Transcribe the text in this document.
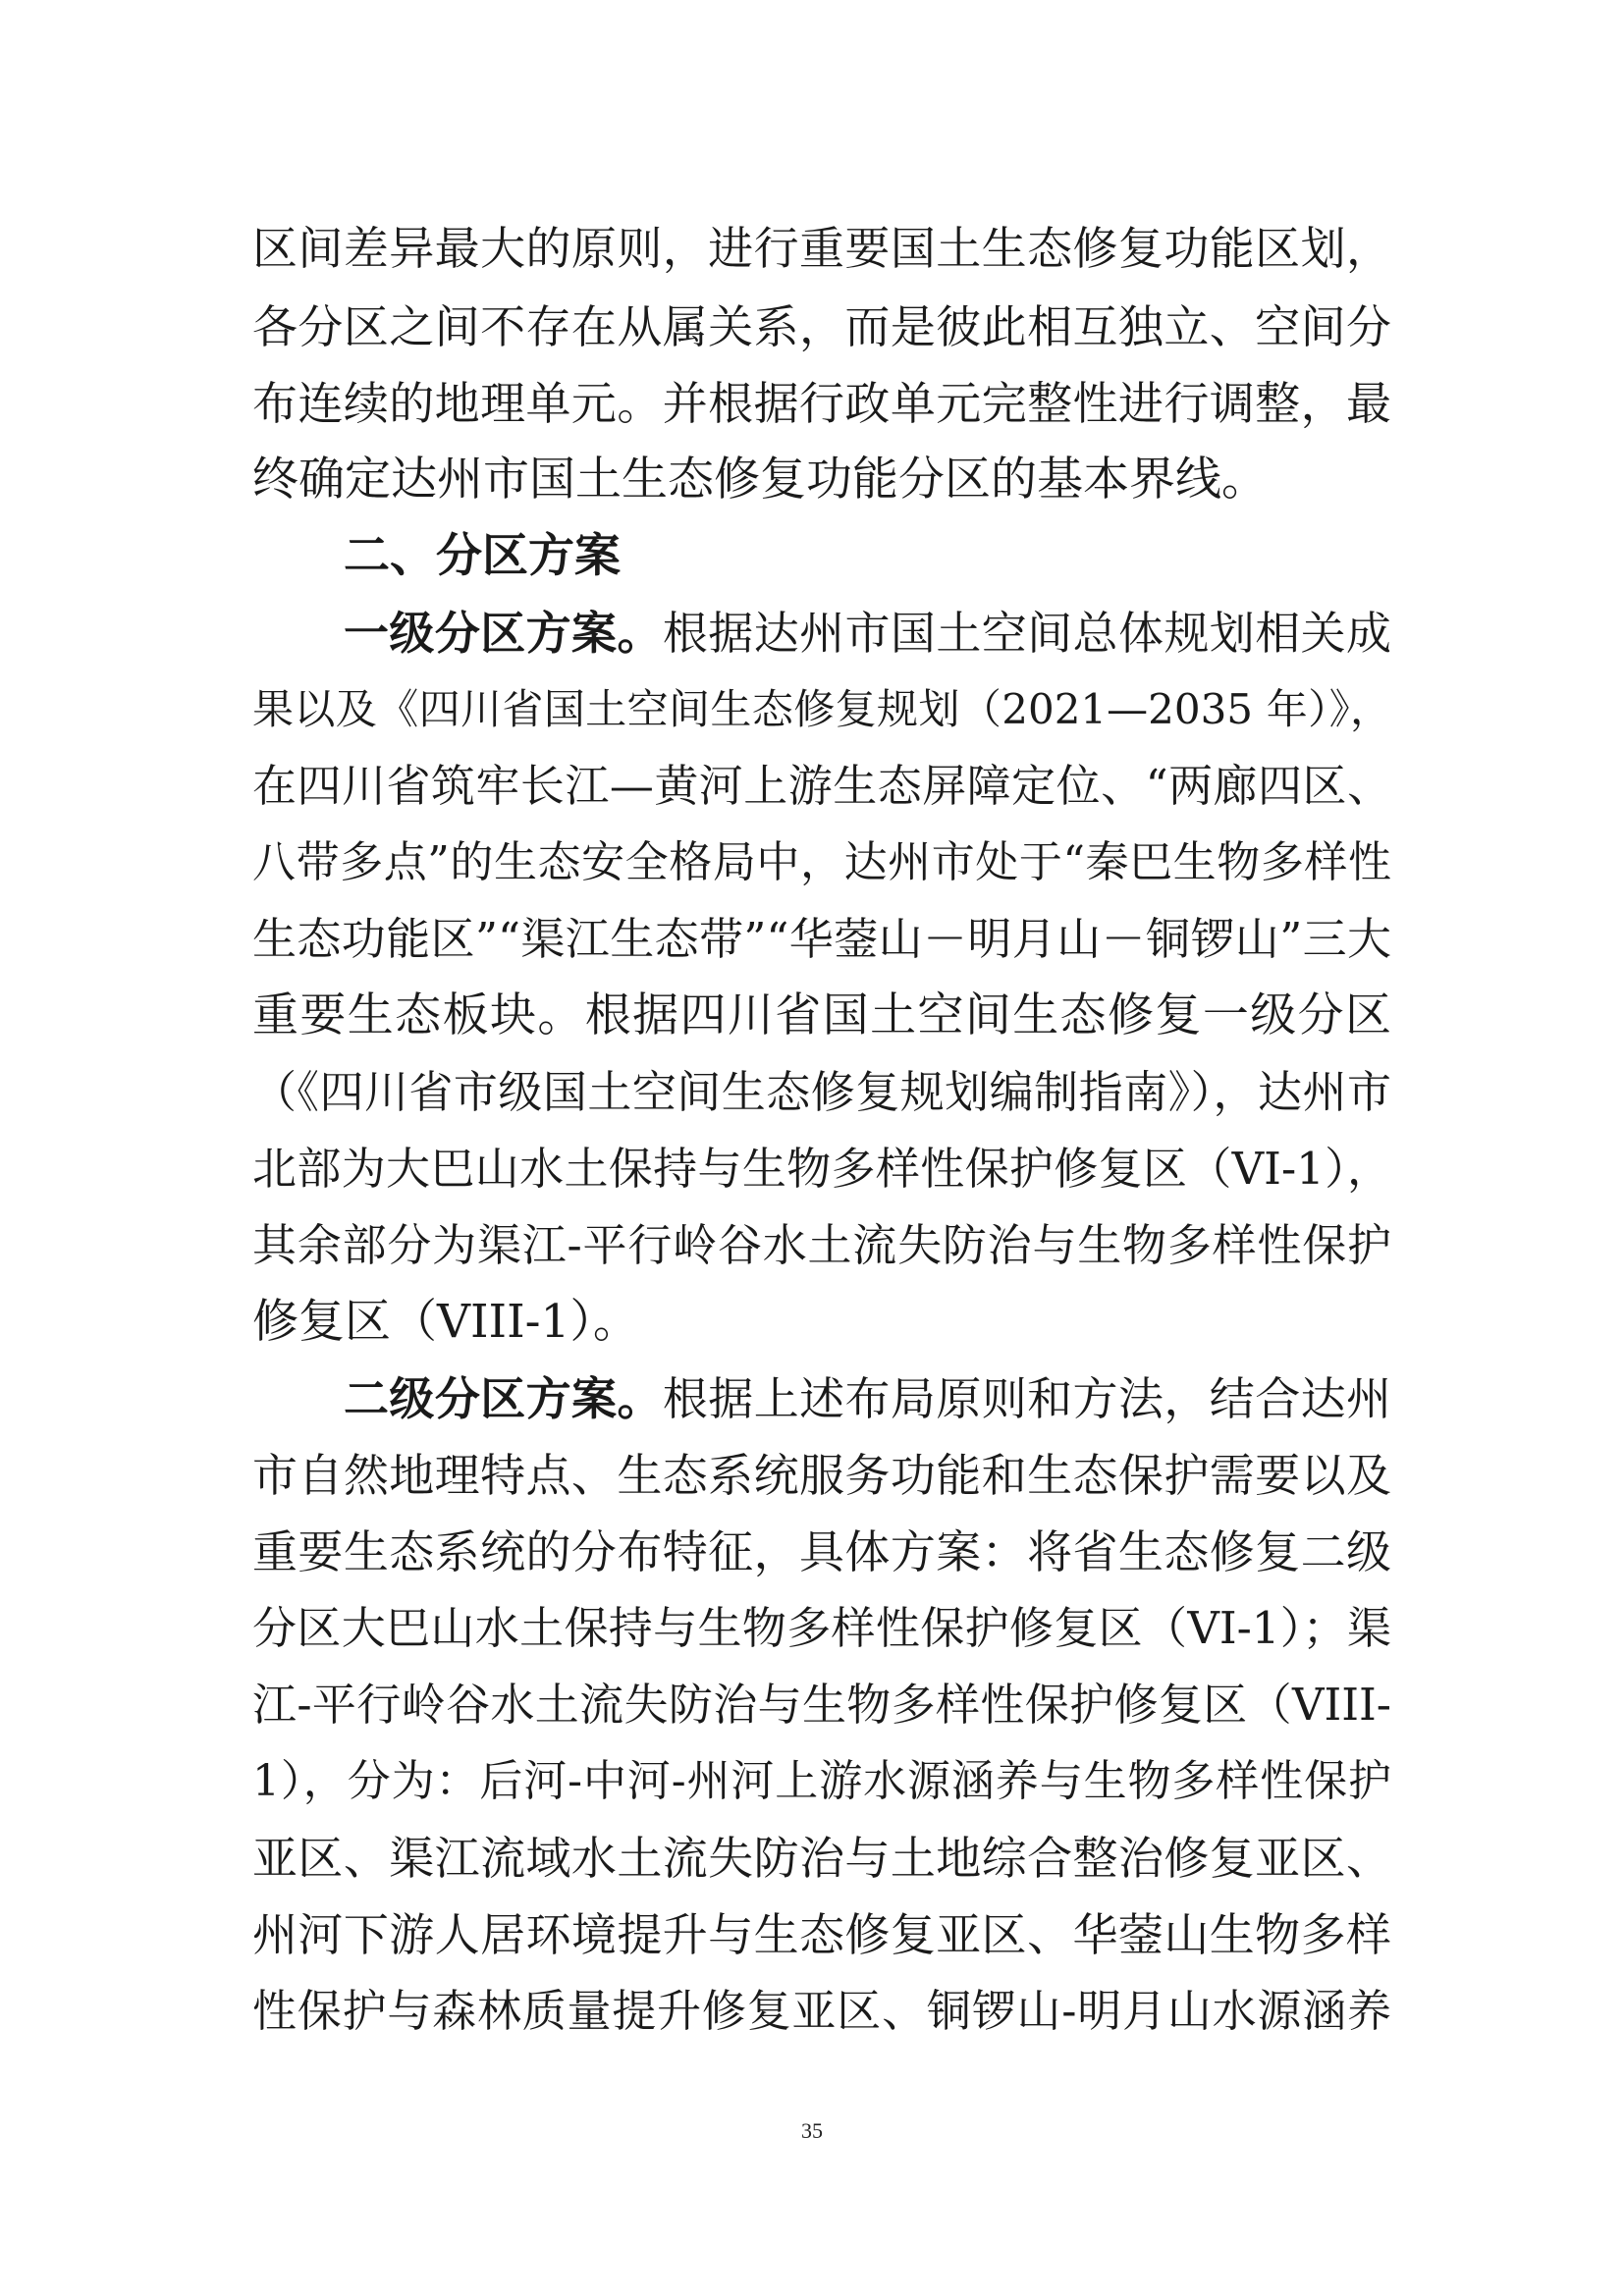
区间差异最大的原则，进行重要国土生态修复功能区划，
各分区之间不存在从属关系，而是彼此相互独立、空间分
布连续的地理单元。并根据行政单元完整性进行调整，最
终确定达州市国土生态修复功能分区的基本界线。
二、分区方案
一级分区方案。根据达州市国土空间总体规划相关成
果以及《四川省国土空间生态修复规划（2021—2035 年）》，
在四川省筑牢长江—黄河上游生态屏障定位、“两廊四区、
八带多点”的生态安全格局中，达州市处于“秦巴生物多样性
生态功能区”“渠江生态带”“华蓥山－明月山－铜锣山”三大
重要生态板块。根据四川省国土空间生态修复一级分区
（《四川省市级国土空间生态修复规划编制指南》），达州市
北部为大巴山水土保持与生物多样性保护修复区（VI-1），
其余部分为渠江-平行岭谷水土流失防治与生物多样性保护
修复区（VIII-1）。
二级分区方案。根据上述布局原则和方法，结合达州
市自然地理特点、生态系统服务功能和生态保护需要以及
重要生态系统的分布特征，具体方案：将省生态修复二级
分区大巴山水土保持与生物多样性保护修复区（VI-1）；渠
江-平行岭谷水土流失防治与生物多样性保护修复区（VIII-
1），分为：后河-中河-州河上游水源涵养与生物多样性保护
亚区、渠江流域水土流失防治与土地综合整治修复亚区、
州河下游人居环境提升与生态修复亚区、华蓥山生物多样
性保护与森林质量提升修复亚区、铜锣山-明月山水源涵养
35
